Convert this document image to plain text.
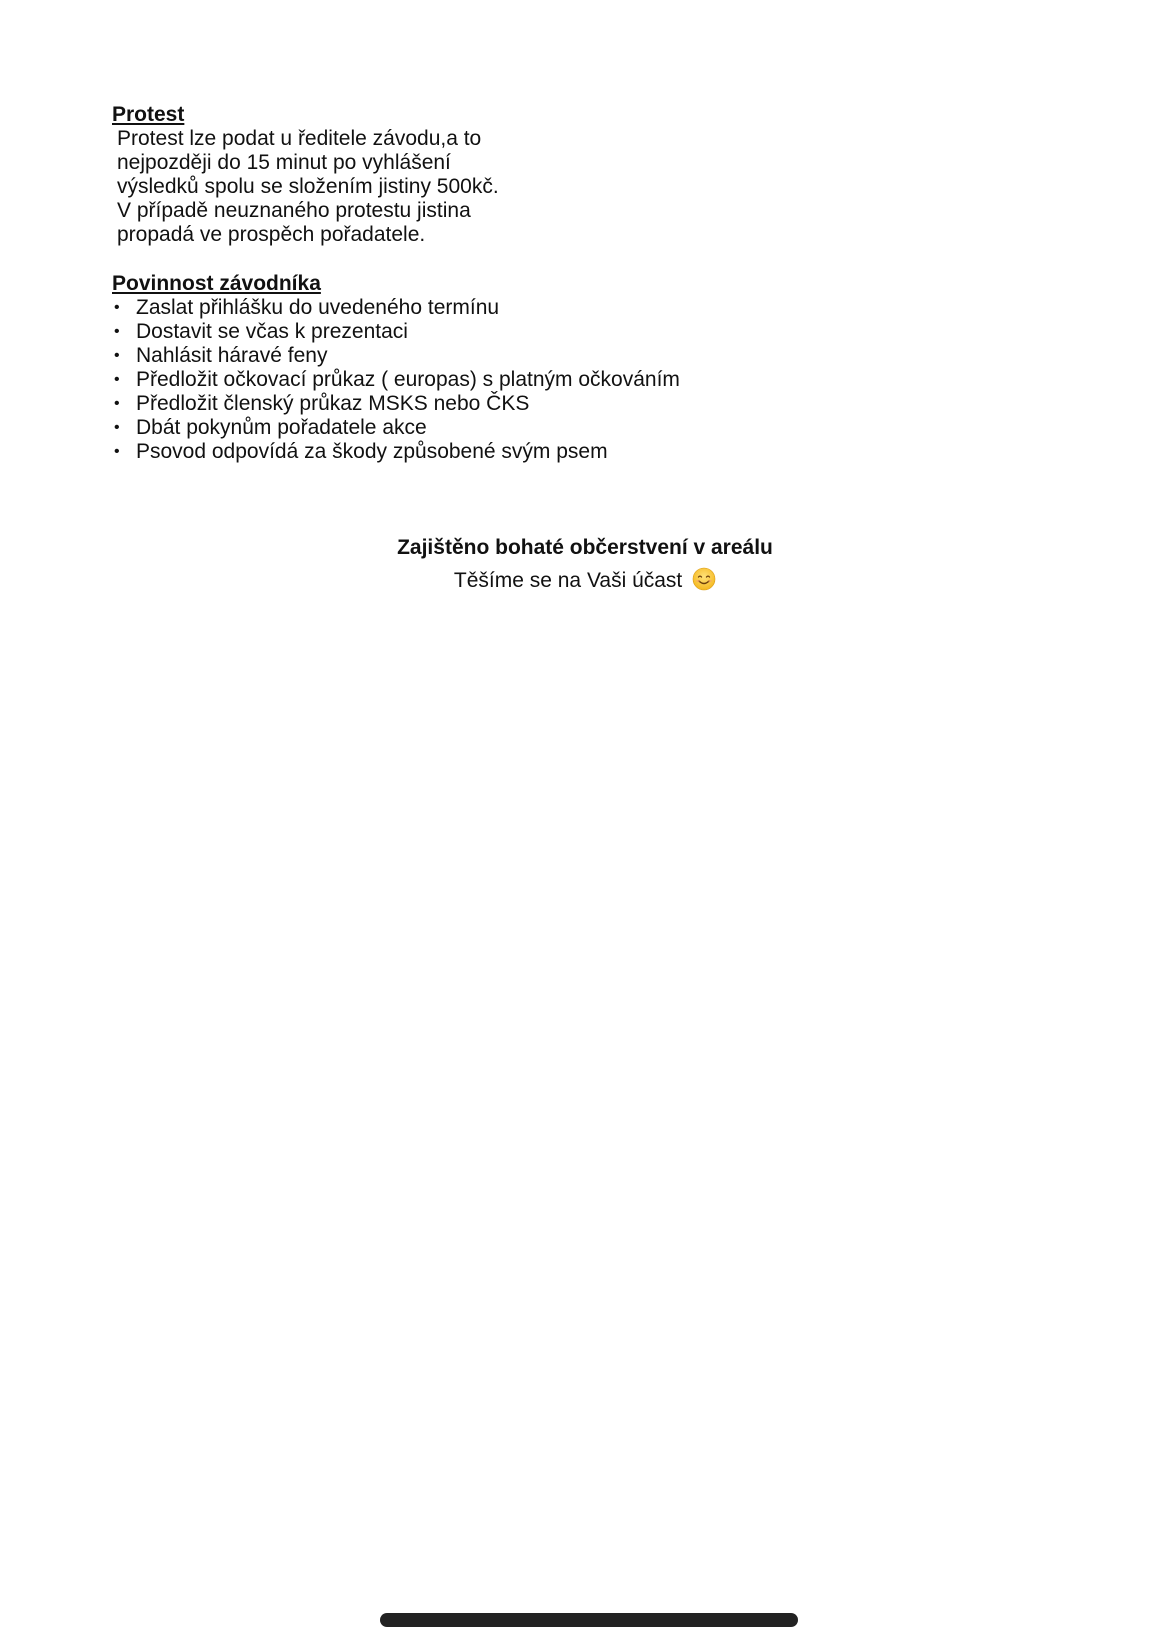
Protest

Protest lze podat u ředitele závodu,a to
nejpozději do 15 minut po vyhlášení
výsledků spolu se složením jistiny 500kč.
V případě neuznaného protestu jistina
propadá ve prospěch pořadatele.

Povinnost závodníka
• Zaslat přihlášku do uvedeného termínu
• Dostavit se včas k prezentaci
• Nahlásit háravé feny
• Předložit očkovací průkaz ( europas) s platným očkováním
• Předložit členský průkaz MSKS nebo ČKS
• Dbát pokynům pořadatele akce
• Psovod odpovídá za škody způsobené svým psem
Zajištěno bohaté občerstvení v areálu
Těšíme se na Vaši účast
